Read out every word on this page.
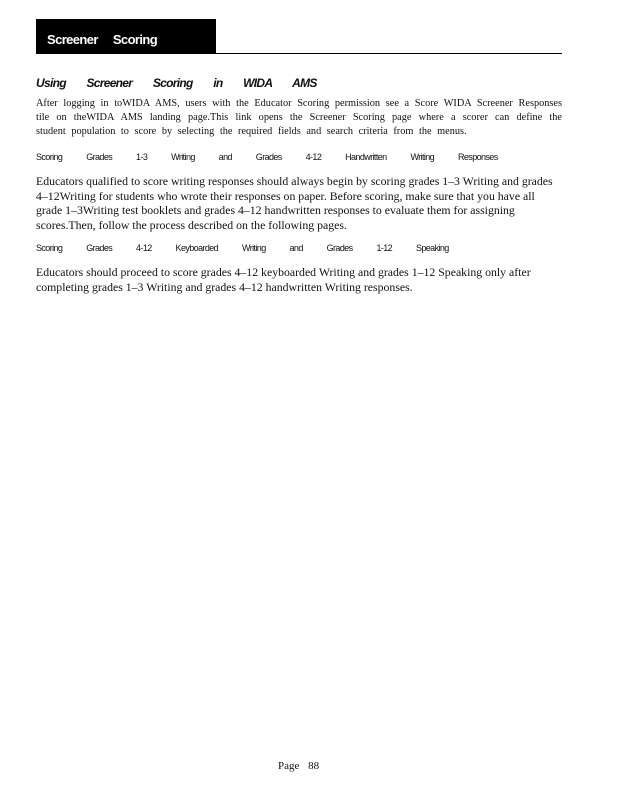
Screener Scoring
Using Screener Scoring in WIDA AMS

After logging in toWIDA AMS, users with the Educator Scoring permission see a Score WIDA Screener Responses tile on theWIDA AMS landing page.This link opens the Screener Scoring page where a scorer can define the student population to score by selecting the required fields and search criteria from the menus.

Scoring Grades 1-3 Writing and Grades 4-12 Handwritten Writing Responses

Educators qualified to score writing responses should always begin by scoring grades 1–3 Writing and grades 4–12Writing for students who wrote their responses on paper. Before scoring, make sure that you have all grade 1–3Writing test booklets and grades 4–12 handwritten responses to evaluate them for assigning scores.Then, follow the process described on the following pages.

Scoring Grades 4-12 Keyboarded Writing and Grades 1-12 Speaking

Educators should proceed to score grades 4–12 keyboarded Writing and grades 1–12 Speaking only after completing grades 1–3 Writing and grades 4–12 handwritten Writing responses.

Page 88
